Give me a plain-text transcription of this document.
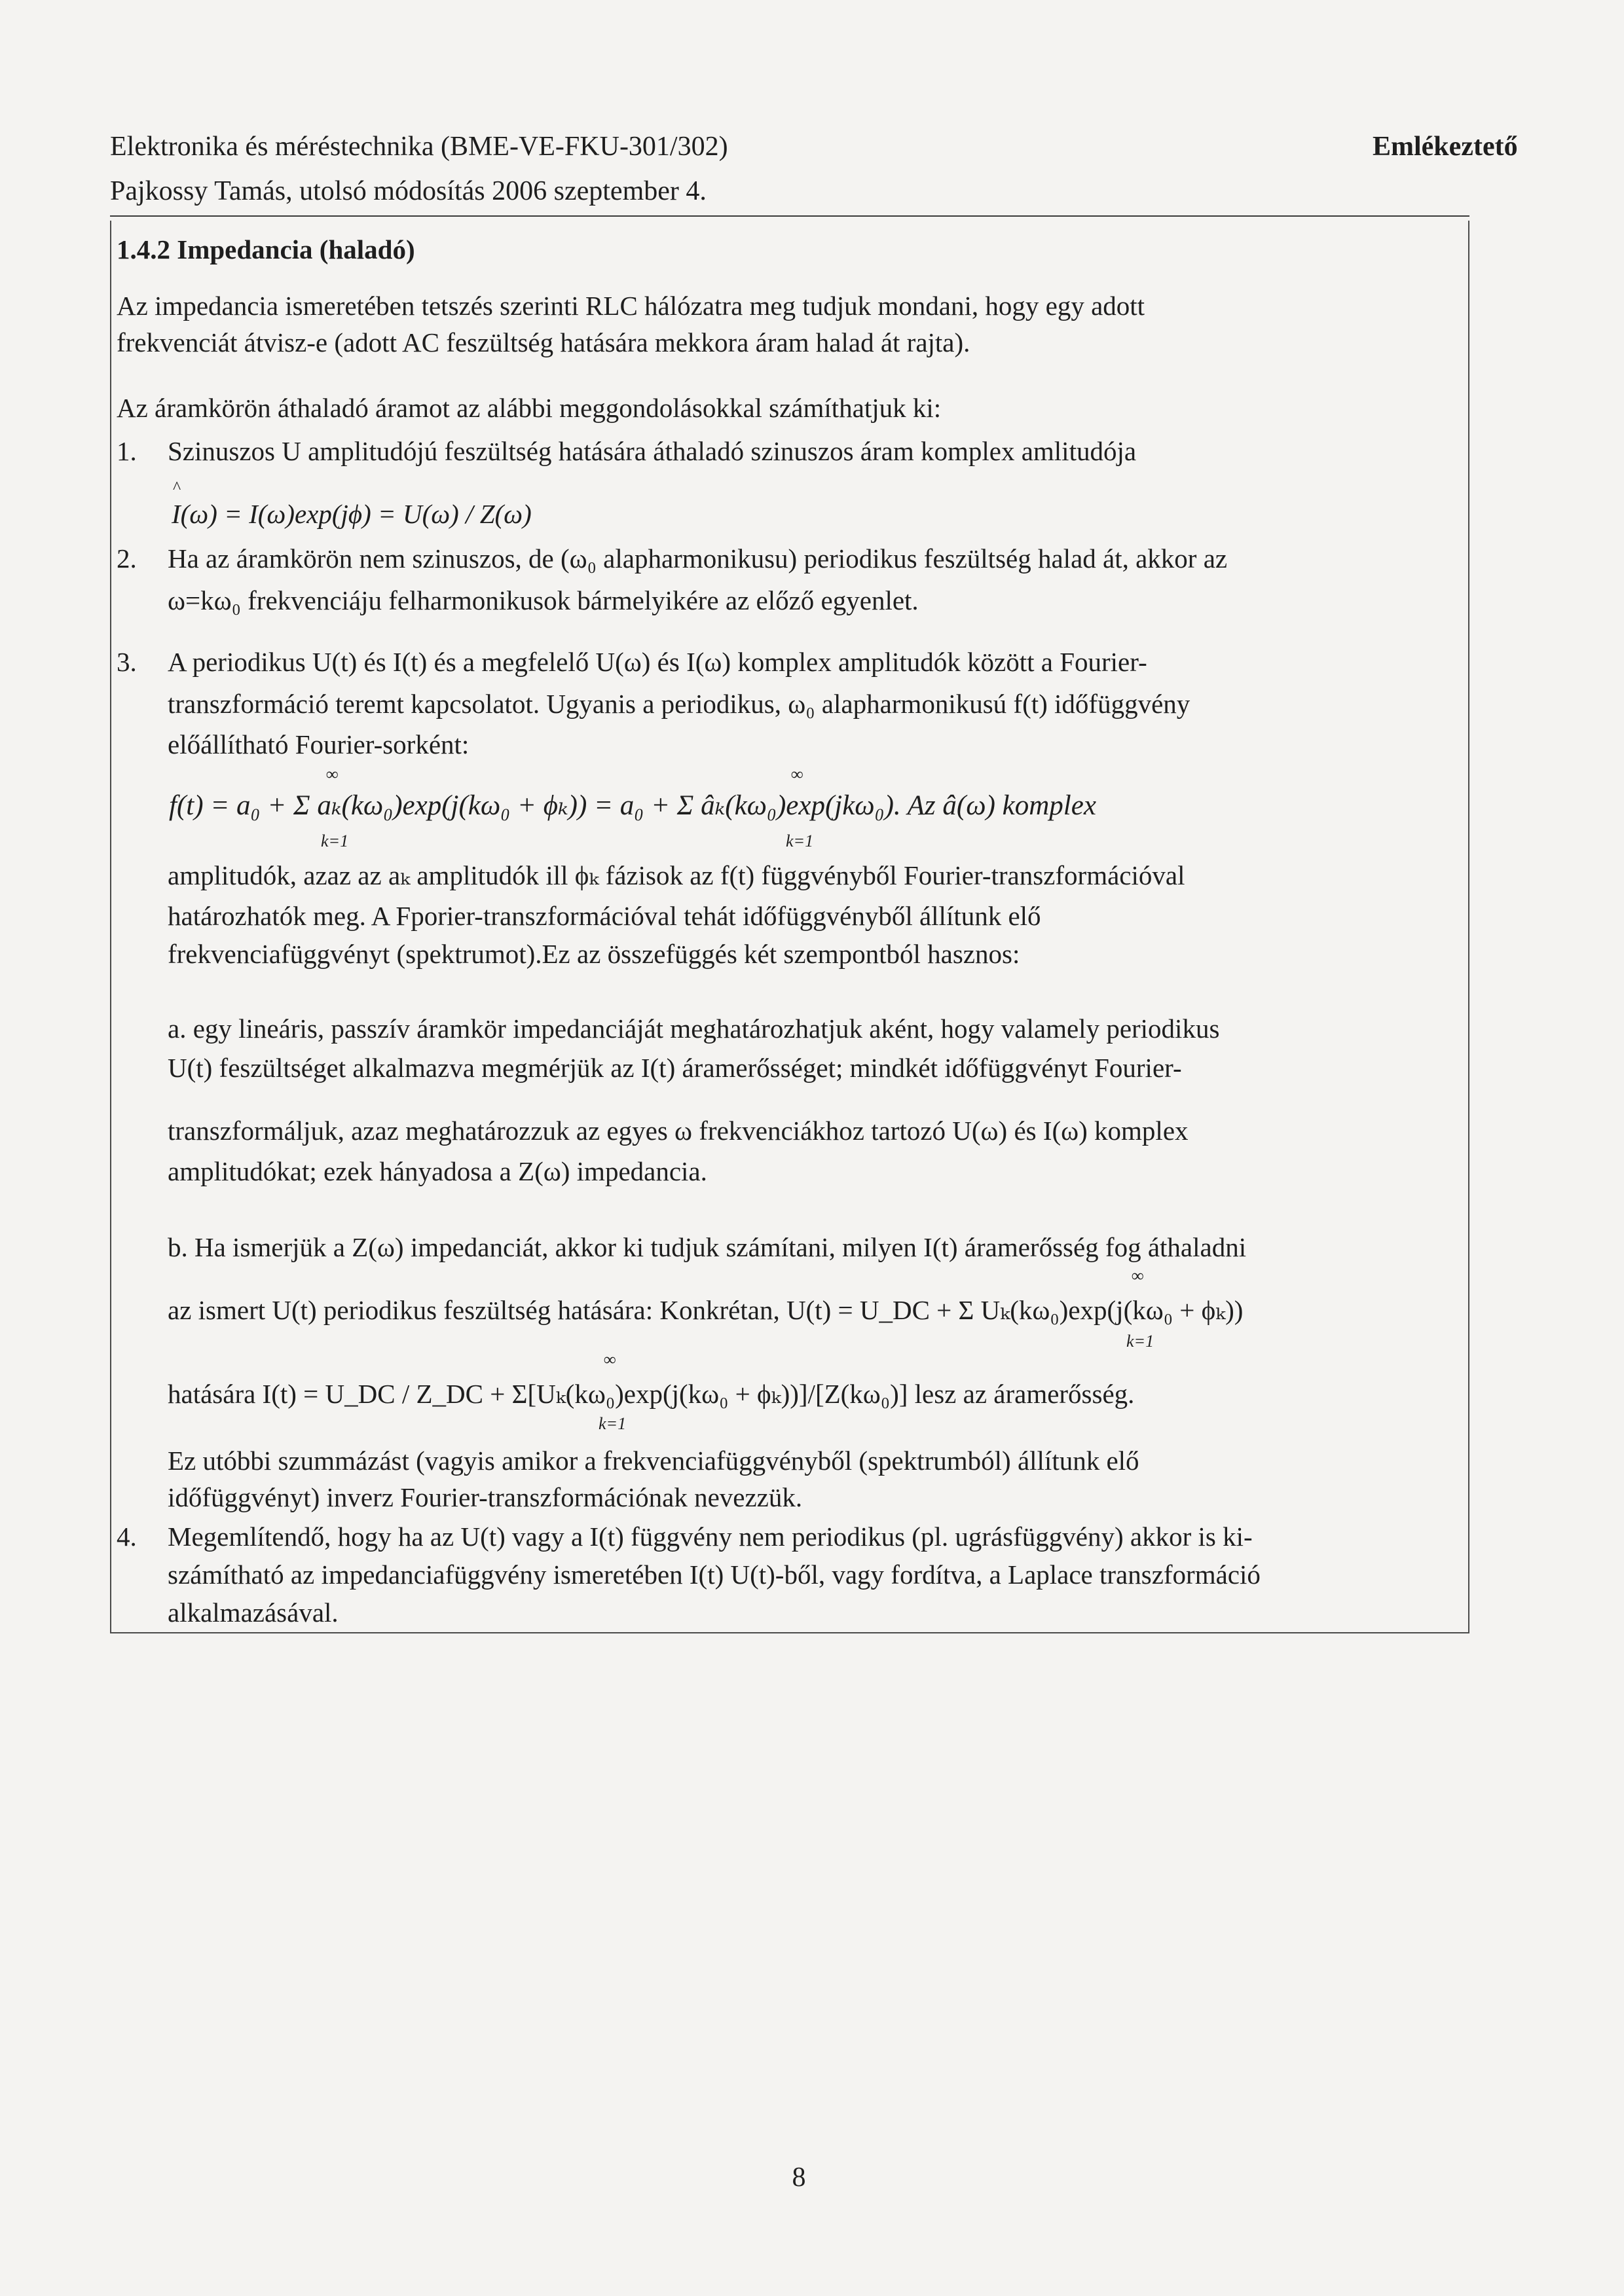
Elektronika és méréstechnika (BME-VE-FKU-301/302)
Pajkossy Tamás, utolsó módosítás 2006 szeptember 4.
Emlékeztető
1.4.2 Impedancia (haladó)
Az impedancia ismeretében tetszés szerinti RLC hálózatra meg tudjuk mondani, hogy egy adott
frekvenciát átvisz-e (adott AC feszültség hatására mekkora áram halad át rajta).
Az áramkörön áthaladó áramot az alábbi meggondolásokkal számíthatjuk ki:
1. Szinuszos U amplitudójú feszültség hatására áthaladó szinuszos áram komplex amlitudója
I(ω) = I(ω)exp(jϕ) = U(ω) / Z(ω)
^
2. Ha az áramkörön nem szinuszos, de (ω₀ alapharmonikusu) periodikus feszültség halad át, akkor az
ω=kω₀ frekvenciáju felharmonikusok bármelyikére az előző egyenlet.
3. A periodikus U(t) és I(t) és a megfelelő U(ω) és I(ω) komplex amplitudók között a Fourier-
transzformáció teremt kapcsolatot. Ugyanis a periodikus, ω₀ alapharmonikusú f(t) időfüggvény
előállítható Fourier-sorként:
∞	∞
f(t) = a₀ + Σ aₖ(kω₀)exp(j(kω₀ + ϕₖ)) = a₀ + Σ âₖ(kω₀)exp(jkω₀). Az â(ω) komplex
k=1	k=1
amplitudók, azaz az aₖ amplitudók ill ϕₖ fázisok az f(t) függvényből Fourier-transzformációval
határozhatók meg. A Fporier-transzformációval tehát időfüggvényből állítunk elő
frekvenciafüggvényt (spektrumot).Ez az összefüggés két szempontból hasznos:
a. egy lineáris, passzív áramkör impedanciáját meghatározhatjuk aként, hogy valamely periodikus
U(t) feszültséget alkalmazva megmérjük az I(t) áramerősséget; mindkét időfüggvényt Fourier-
transzformáljuk, azaz meghatározzuk az egyes ω frekvenciákhoz tartozó U(ω) és I(ω) komplex
amplitudókat; ezek hányadosa a Z(ω) impedancia.
b. Ha ismerjük a Z(ω) impedanciát, akkor ki tudjuk számítani, milyen I(t) áramerősség fog áthaladni
∞
az ismert U(t) periodikus feszültség hatására: Konkrétan, U(t) = U_DC + Σ Uₖ(kω₀)exp(j(kω₀ + ϕₖ))
k=1
∞
hatására I(t) = U_DC / Z_DC + Σ[Uₖ(kω₀)exp(j(kω₀ + ϕₖ))]/[Z(kω₀)] lesz az áramerősség.
k=1
Ez utóbbi szummázást (vagyis amikor a frekvenciafüggvényből (spektrumból) állítunk elő
időfüggvényt) inverz Fourier-transzformációnak nevezzük.
4. Megemlítendő, hogy ha az U(t) vagy a I(t) függvény nem periodikus (pl. ugrásfüggvény) akkor is ki-
számítható az impedanciafüggvény ismeretében I(t) U(t)-ből, vagy fordítva, a Laplace transzformáció
alkalmazásával.
8
